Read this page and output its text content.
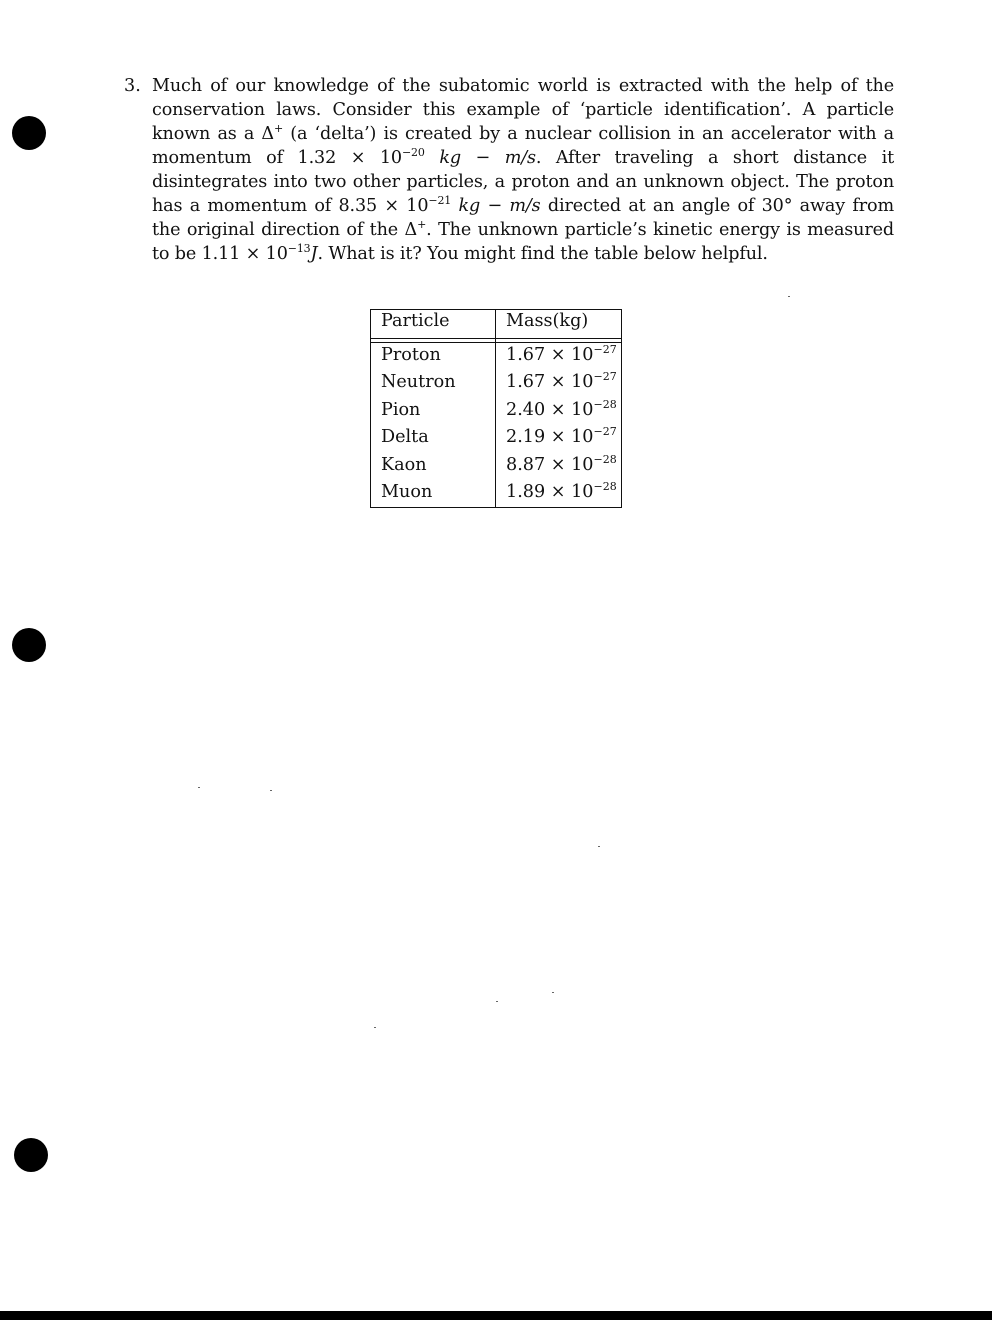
3. Much of our knowledge of the subatomic world is extracted with the help of the conservation laws. Consider this example of ‘particle identification’. A particle known as a Δ+ (a ‘delta’) is created by a nuclear collision in an accelerator with a momentum of $1.32 \times 10^{-20}$ kg − m/s. After traveling a short distance it disintegrates into two other particles, a proton and an unknown object. The proton has a momentum of $8.35 \times 10^{-21}$ kg − m/s directed at an angle of 30° away from the original direction of the Δ+. The unknown particle’s kinetic energy is measured to be $1.11 \times 10^{-13}J$. What is it? You might find the table below helpful.

Particle	Mass(kg)
Proton	$1.67 \times 10^{-27}$
Neutron	$1.67 \times 10^{-27}$
Pion	$2.40 \times 10^{-28}$
Delta	$2.19 \times 10^{-27}$
Kaon	$8.87 \times 10^{-28}$
Muon	$1.89 \times 10^{-28}$
